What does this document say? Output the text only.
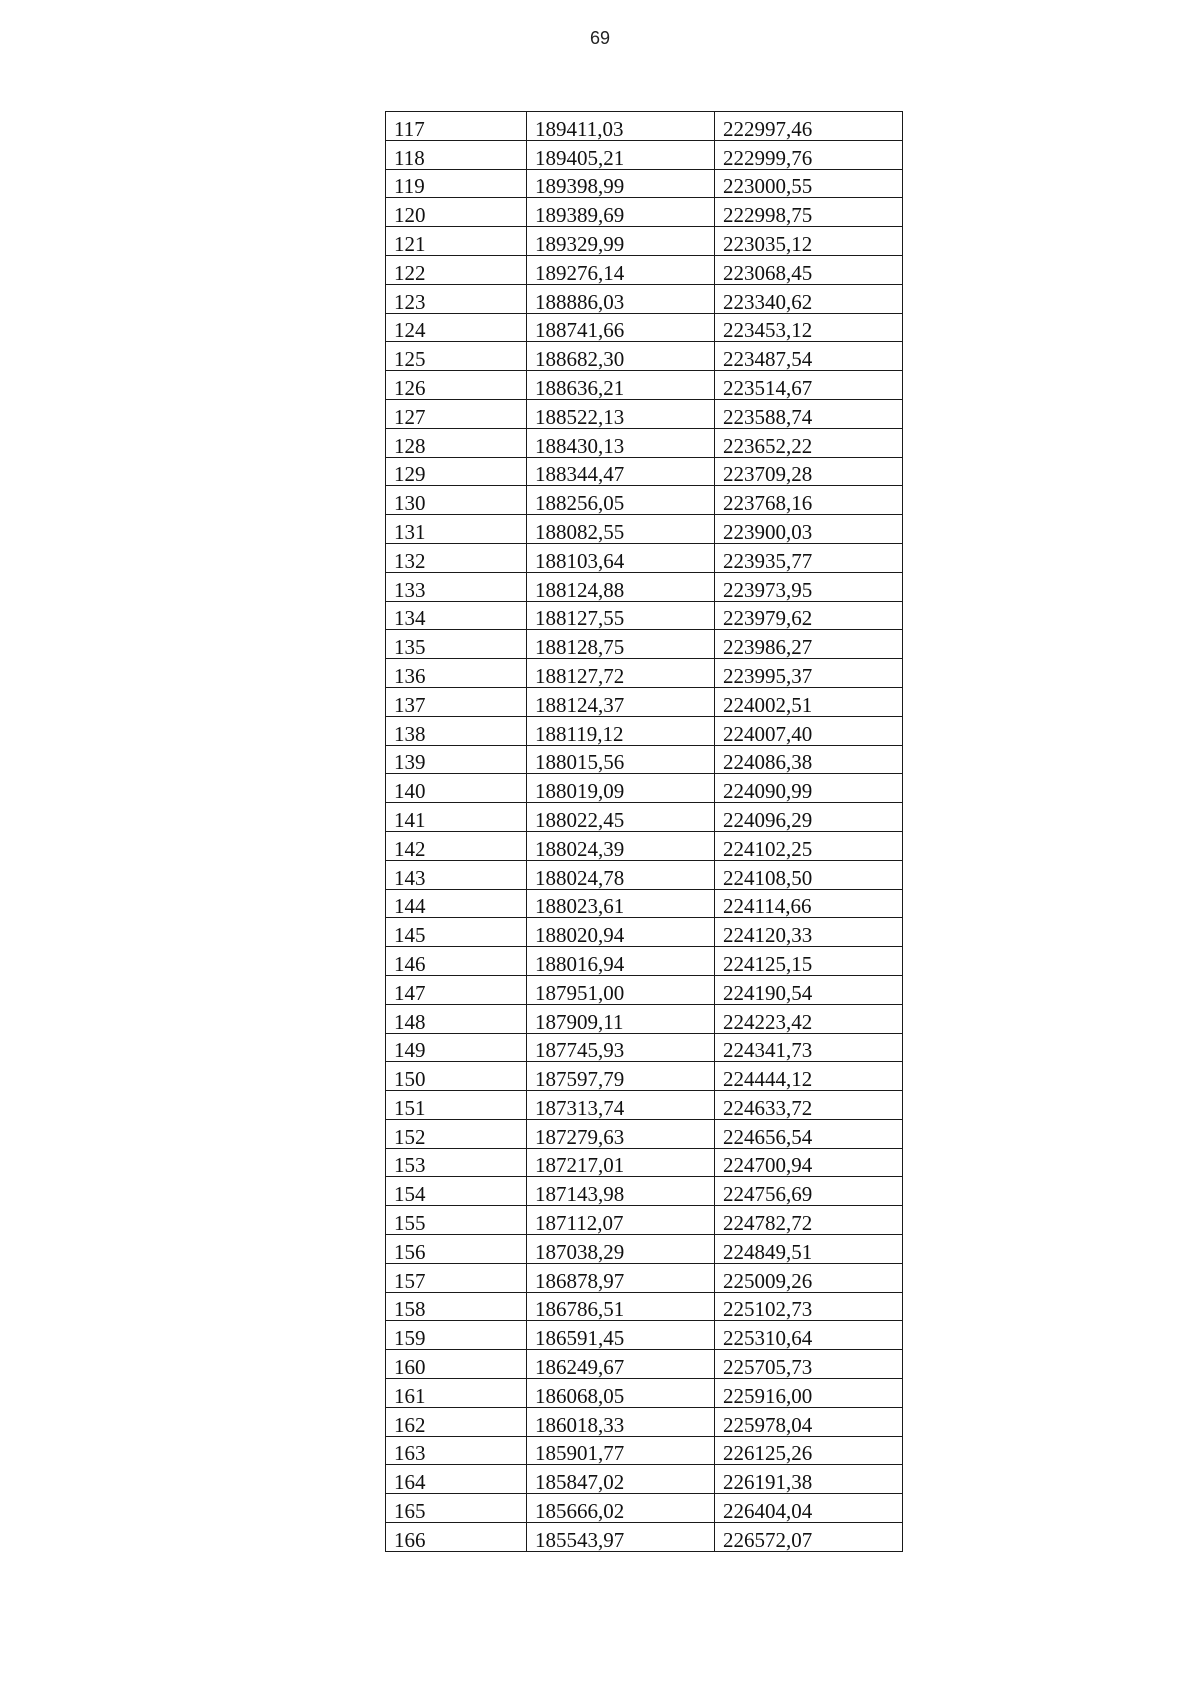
69
117	189411,03	222997,46
118	189405,21	222999,76
119	189398,99	223000,55
120	189389,69	222998,75
121	189329,99	223035,12
122	189276,14	223068,45
123	188886,03	223340,62
124	188741,66	223453,12
125	188682,30	223487,54
126	188636,21	223514,67
127	188522,13	223588,74
128	188430,13	223652,22
129	188344,47	223709,28
130	188256,05	223768,16
131	188082,55	223900,03
132	188103,64	223935,77
133	188124,88	223973,95
134	188127,55	223979,62
135	188128,75	223986,27
136	188127,72	223995,37
137	188124,37	224002,51
138	188119,12	224007,40
139	188015,56	224086,38
140	188019,09	224090,99
141	188022,45	224096,29
142	188024,39	224102,25
143	188024,78	224108,50
144	188023,61	224114,66
145	188020,94	224120,33
146	188016,94	224125,15
147	187951,00	224190,54
148	187909,11	224223,42
149	187745,93	224341,73
150	187597,79	224444,12
151	187313,74	224633,72
152	187279,63	224656,54
153	187217,01	224700,94
154	187143,98	224756,69
155	187112,07	224782,72
156	187038,29	224849,51
157	186878,97	225009,26
158	186786,51	225102,73
159	186591,45	225310,64
160	186249,67	225705,73
161	186068,05	225916,00
162	186018,33	225978,04
163	185901,77	226125,26
164	185847,02	226191,38
165	185666,02	226404,04
166	185543,97	226572,07
